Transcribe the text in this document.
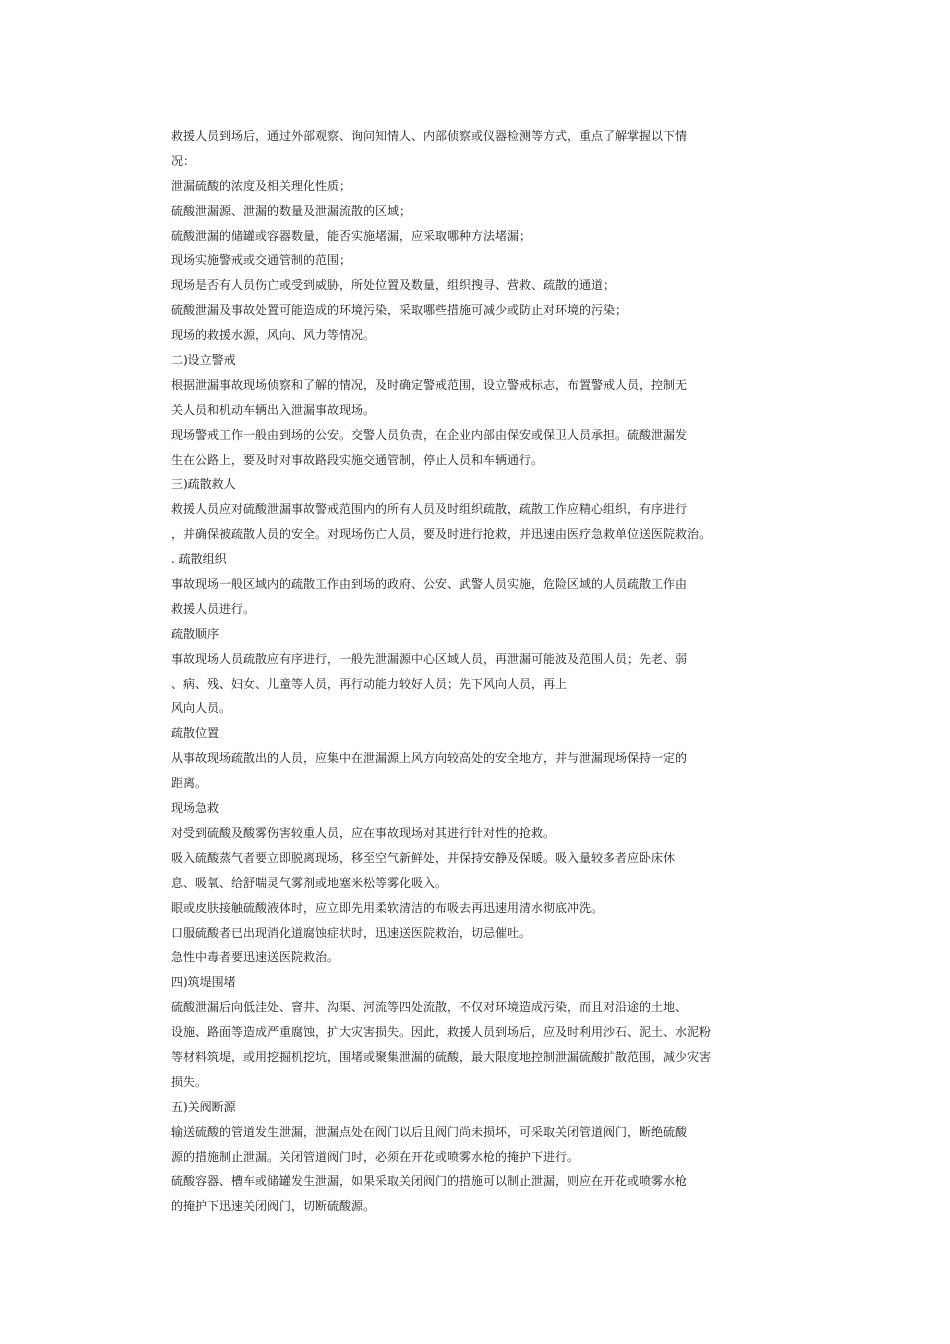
救援人员到场后，通过外部观察、询问知情人、内部侦察或仪器检测等方式，重点了解掌握以下情

况：

泄漏硫酸的浓度及相关理化性质；

硫酸泄漏源、泄漏的数量及泄漏流散的区域；

硫酸泄漏的储罐或容器数量，能否实施堵漏，应采取哪种方法堵漏；

现场实施警戒或交通管制的范围；

现场是否有人员伤亡或受到威胁，所处位置及数量，组织搜寻、营救、疏散的通道；

硫酸泄漏及事故处置可能造成的环境污染，采取哪些措施可减少或防止对环境的污染；

现场的救援水源，风向、风力等情况。

二)设立警戒

根据泄漏事故现场侦察和了解的情况，及时确定警戒范围，设立警戒标志，布置警戒人员，控制无

关人员和机动车辆出入泄漏事故现场。

现场警戒工作一般由到场的公安。交警人员负责，在企业内部由保安或保卫人员承担。硫酸泄漏发

生在公路上，要及时对事故路段实施交通管制，停止人员和车辆通行。

三)疏散救人

救援人员应对硫酸泄漏事故警戒范围内的所有人员及时组织疏散，疏散工作应精心组织，有序进行

，并确保被疏散人员的安全。对现场伤亡人员，要及时进行抢救，并迅速由医疗急救单位送医院救治。

. 疏散组织

事故现场一般区域内的疏散工作由到场的政府、公安、武警人员实施，危险区域的人员疏散工作由

救援人员进行。

疏散顺序

事故现场人员疏散应有序进行，一般先泄漏源中心区域人员，再泄漏可能波及范围人员；先老、弱

、病、残、妇女、儿童等人员，再行动能力较好人员；先下风向人员，再上

风向人员。

疏散位置

从事故现场疏散出的人员，应集中在泄漏源上风方向较高处的安全地方，并与泄漏现场保持一定的

距离。

现场急救

对受到硫酸及酸雾伤害较重人员，应在事故现场对其进行针对性的抢救。

吸入硫酸蒸气者要立即脱离现场，移至空气新鲜处，并保持安静及保暖。吸入量较多者应卧床休

息、吸氧、给舒喘灵气雾剂或地塞米松等雾化吸入。

眼或皮肤接触硫酸液体时，应立即先用柔软清洁的布吸去再迅速用清水彻底冲洗。

口服硫酸者已出现消化道腐蚀症状时，迅速送医院救治，切忌催吐。

急性中毒者要迅速送医院救治。

四)筑堤围堵

硫酸泄漏后向低洼处、窨井、沟渠、河流等四处流散，不仅对环境造成污染，而且对沿途的土地、

设施、路面等造成严重腐蚀，扩大灾害损失。因此，救援人员到场后，应及时利用沙石、泥土、水泥粉

等材料筑堤，或用挖掘机挖坑，围堵或聚集泄漏的硫酸，最大限度地控制泄漏硫酸扩散范围，减少灾害

损失。

五)关阀断源

输送硫酸的管道发生泄漏，泄漏点处在阀门以后且阀门尚未损坏，可采取关闭管道阀门，断绝硫酸

源的措施制止泄漏。关闭管道阀门时，必须在开花或喷雾水枪的掩护下进行。

硫酸容器、槽车或储罐发生泄漏，如果采取关闭阀门的措施可以制止泄漏，则应在开花或喷雾水枪

的掩护下迅速关闭阀门，切断硫酸源。
